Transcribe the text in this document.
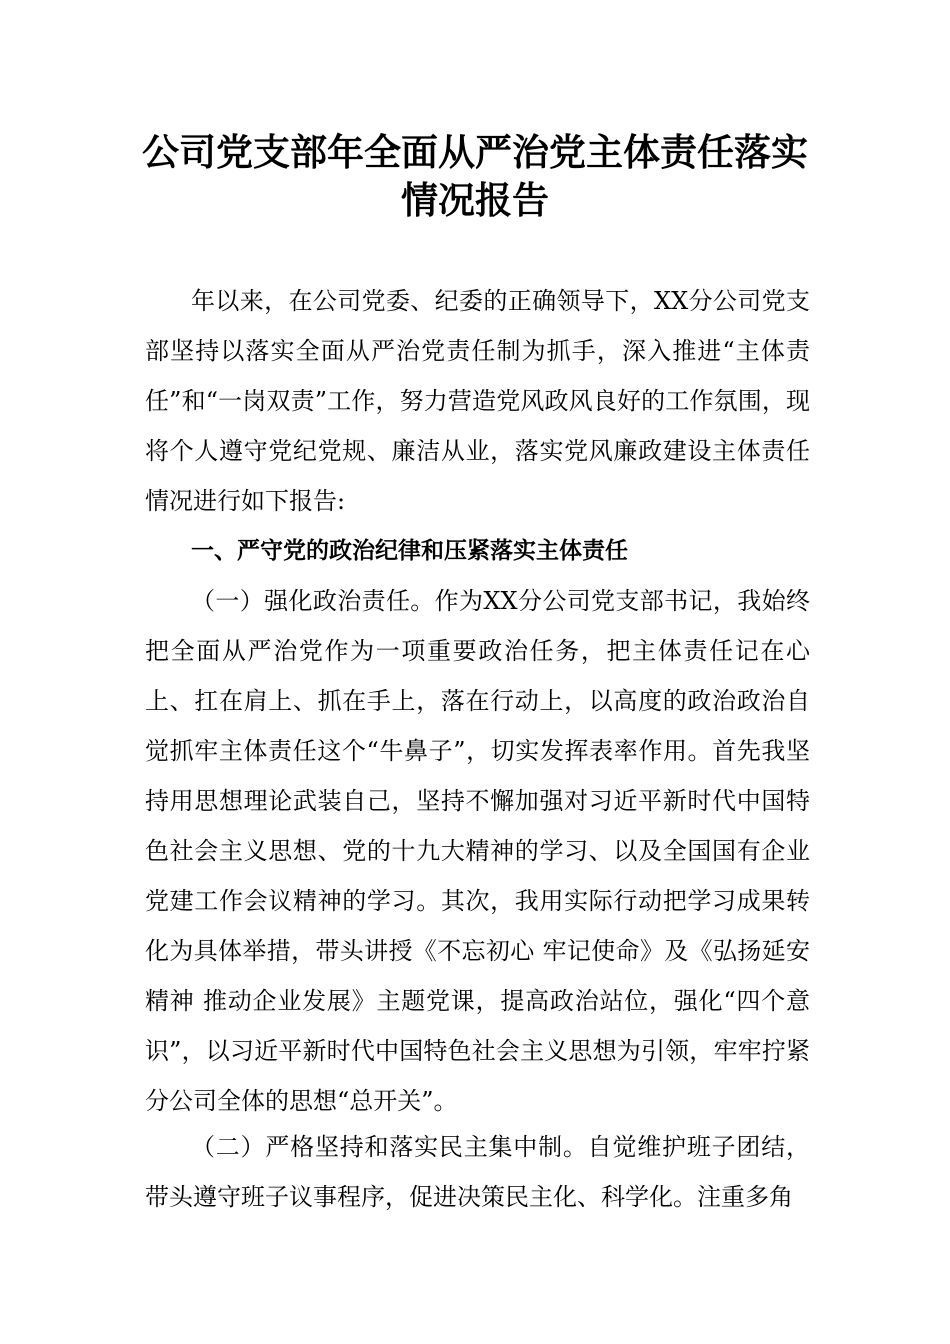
公司党支部年全面从严治党主体责任落实
情况报告

年以来，在公司党委、纪委的正确领导下，XX分公司党支部坚持以落实全面从严治党责任制为抓手，深入推进“主体责任”和“一岗双责”工作，努力营造党风政风良好的工作氛围，现将个人遵守党纪党规、廉洁从业，落实党风廉政建设主体责任情况进行如下报告:

一、严守党的政治纪律和压紧落实主体责任

（一）强化政治责任。作为XX分公司党支部书记，我始终把全面从严治党作为一项重要政治任务，把主体责任记在心上、扛在肩上、抓在手上，落在行动上，以高度的政治政治自觉抓牢主体责任这个“牛鼻子”，切实发挥表率作用。首先我坚持用思想理论武装自己，坚持不懈加强对习近平新时代中国特色社会主义思想、党的十九大精神的学习、以及全国国有企业党建工作会议精神的学习。其次，我用实际行动把学习成果转化为具体举措，带头讲授《不忘初心 牢记使命》及《弘扬延安精神 推动企业发展》主题党课，提高政治站位，强化“四个意识”，以习近平新时代中国特色社会主义思想为引领，牢牢拧紧分公司全体的思想“总开关”。

（二）严格坚持和落实民主集中制。自觉维护班子团结，带头遵守班子议事程序，促进决策民主化、科学化。注重多角
